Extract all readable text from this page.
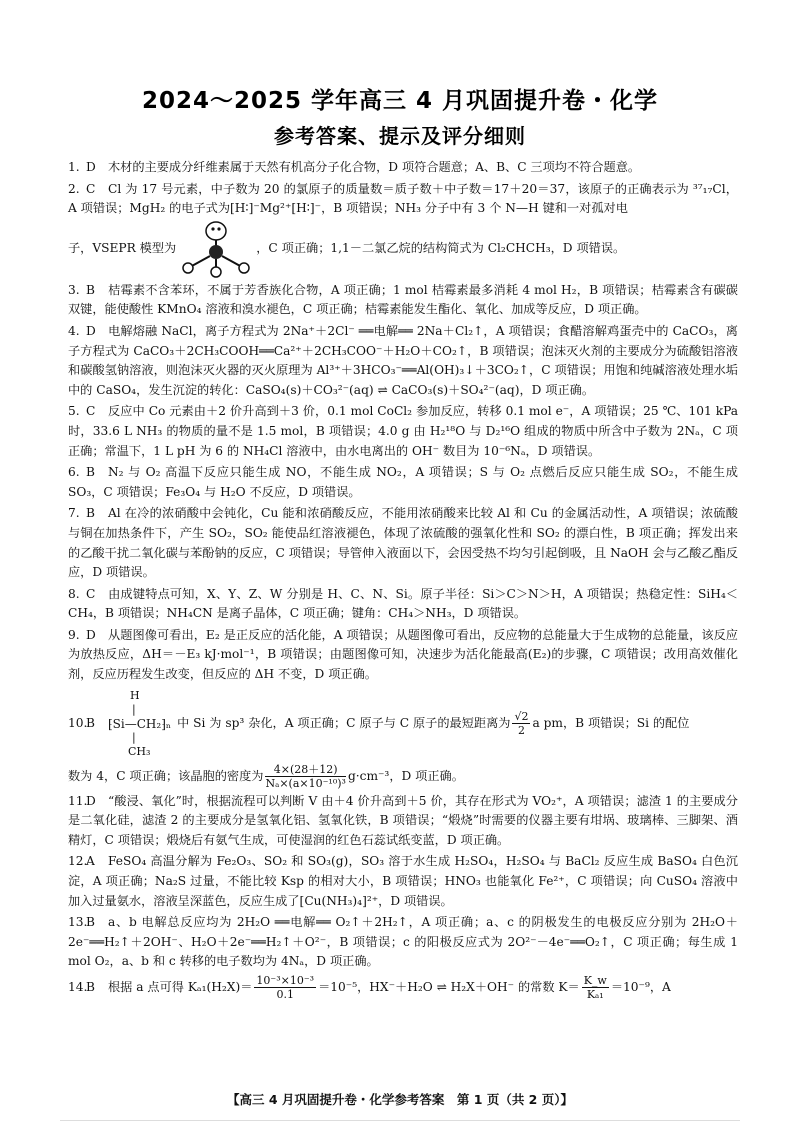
2024～2025 学年高三 4 月巩固提升卷・化学
参考答案、提示及评分细则
1. D 木材的主要成分纤维素属于天然有机高分子化合物，D 项符合题意；A、B、C 三项均不符合题意。

2. C Cl 为 17 号元素，中子数为 20 的氯原子的质量数＝质子数＋中子数＝17＋20＝37，该原子的正确表示为 ³⁷₁₇Cl，A 项错误；MgH₂ 的电子式为[H∶]⁻Mg²⁺[H∶]⁻，B 项错误；NH₃ 分子中有 3 个 N—H 键和一对孤对电

子，VSEPR 模型为	，C 项正确；1,1－二氯乙烷的结构简式为 Cl₂CHCH₃，D 项错误。
3. B 桔霉素不含苯环，不属于芳香族化合物，A 项正确；1 mol 桔霉素最多消耗 4 mol H₂，B 项错误；桔霉素含有碳碳双键，能使酸性 KMnO₄ 溶液和溴水褪色，C 项正确；桔霉素能发生酯化、氧化、加成等反应，D 项正确。
4. D 电解熔融 NaCl，离子方程式为 2Na⁺＋2Cl⁻ ══电解══ 2Na＋Cl₂↑，A 项错误；食醋溶解鸡蛋壳中的 CaCO₃，离子方程式为 CaCO₃＋2CH₃COOH══Ca²⁺＋2CH₃COO⁻＋H₂O＋CO₂↑，B 项错误；泡沫灭火剂的主要成分为硫酸铝溶液和碳酸氢钠溶液，则泡沫灭火器的灭火原理为 Al³⁺＋3HCO₃⁻══Al(OH)₃↓＋3CO₂↑，C 项错误；用饱和纯碱溶液处理水垢中的 CaSO₄，发生沉淀的转化：CaSO₄(s)＋CO₃²⁻(aq) ⇌ CaCO₃(s)＋SO₄²⁻(aq)，D 项正确。
5. C 反应中 Co 元素由＋2 价升高到＋3 价，0.1 mol CoCl₂ 参加反应，转移 0.1 mol e⁻，A 项错误；25 ℃、101 kPa时，33.6 L NH₃ 的物质的量不是 1.5 mol，B 项错误；4.0 g 由 H₂¹⁸O 与 D₂¹⁶O 组成的物质中所含中子数为 2Nₐ，C 项正确；常温下，1 L pH 为 6 的 NH₄Cl 溶液中，由水电离出的 OH⁻ 数目为 10⁻⁶Nₐ，D 项错误。
6. B N₂ 与 O₂ 高温下反应只能生成 NO，不能生成 NO₂，A 项错误；S 与 O₂ 点燃后反应只能生成 SO₂，不能生成 SO₃，C 项错误；Fe₃O₄ 与 H₂O 不反应，D 项错误。
7. B Al 在冷的浓硝酸中会钝化，Cu 能和浓硝酸反应，不能用浓硝酸来比较 Al 和 Cu 的金属活动性，A 项错误；浓硫酸与铜在加热条件下，产生 SO₂，SO₂ 能使品红溶液褪色，体现了浓硫酸的强氧化性和 SO₂ 的漂白性，B 项正确；挥发出来的乙酸干扰二氧化碳与苯酚钠的反应，C 项错误；导管伸入液面以下，会因受热不均匀引起倒吸，且 NaOH 会与乙酸乙酯反应，D 项错误。
8. C 由成键特点可知，X、Y、Z、W 分别是 H、C、N、Si。原子半径：Si＞C＞N＞H，A 项错误；热稳定性：SiH₄＜CH₄，B 项错误；NH₄CN 是离子晶体，C 项正确；键角：CH₄＞NH₃，D 项错误。
9. D 从题图像可看出，E₂ 是正反应的活化能，A 项错误；从题图像可看出，反应物的总能量大于生成物的总能量，该反应为放热反应，ΔH＝－E₃ kJ·mol⁻¹，B 项错误；由题图像可知，决速步为活化能最高(E₂)的步骤，C 项错误；改用高效催化剂，反应历程发生改变，但反应的 ΔH 不变，D 项正确。

10.
B
H
|
⁅Si—CH₂⁆ₙ
|
CH₃
中 Si 为 sp³ 杂化，A 项正确；C 原子与 C 原子的最短距离为 $\frac{√2}{2}$ a pm，B 项错误；Si 的配位

数为 4，C 项正确；该晶胞的密度为 $\frac{4\times(28+12)}{\text{Nₐ×(a×10⁻¹⁰)³}} g\cdot cm^{-3}$，D 项正确。

11.D “酸浸、氧化”时，根据流程可以判断 V 由＋4 价升高到＋5 价，其存在形式为 VO₂⁺，A 项错误；滤渣 1 的主要成分是二氧化硅，滤渣 2 的主要成分是氢氧化铝、氢氧化铁，B 项错误；“煅烧”时需要的仪器主要有坩埚、玻璃棒、三脚架、酒精灯，C 项错误；煅烧后有氨气生成，可使湿润的红色石蕊试纸变蓝，D 项正确。
12.A FeSO₄ 高温分解为 Fe₂O₃、SO₂ 和 SO₃(g)，SO₃ 溶于水生成 H₂SO₄，H₂SO₄ 与 BaCl₂ 反应生成 BaSO₄ 白色沉淀，A 项正确；Na₂S 过量，不能比较 Ksp 的相对大小，B 项错误；HNO₃ 也能氧化 Fe²⁺，C 项错误；向 CuSO₄ 溶液中加入过量氨水，溶液呈深蓝色，反应生成了[Cu(NH₃)₄]²⁺，D 项错误。
13.B a、b 电解总反应均为 2H₂O ══电解══ O₂↑＋2H₂↑，A 项正确；a、c 的阴极发生的电极反应分别为 2H₂O＋2e⁻══H₂↑＋2OH⁻、H₂O＋2e⁻══H₂↑＋O²⁻，B 项错误；c 的阳极反应式为 2O²⁻－4e⁻══O₂↑，C 项正确；每生成 1 mol O₂，a、b 和 c 转移的电子数均为 4Nₐ，D 项正确。
14.B 根据 a 点可得 $K_{a1}(H_2X)= \frac{\text{10⁻³×10⁻³}}{0.1} =10^{-5}$，HX⁻＋H₂O ⇌ H₂X＋OH⁻ 的常数 $K= \frac{K\_w}{\text{Kₐ₁}} =10^{-9}$，A
【高三 4 月巩固提升卷・化学参考答案　第 1 页（共 2 页）】
